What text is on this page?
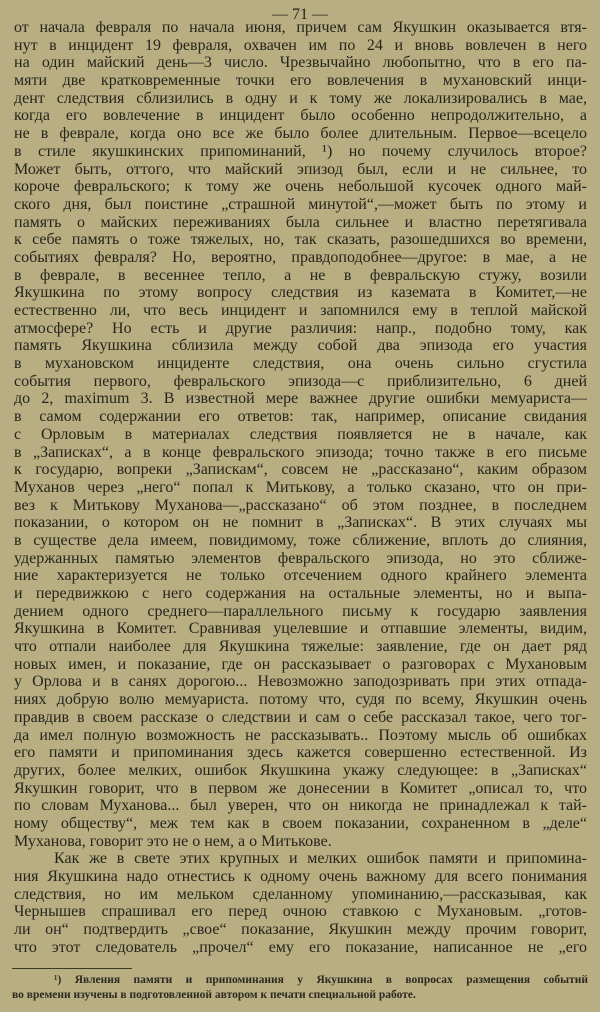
— 71 —
от начала февраля по начала июня, причем сам Якушкин оказывается втя-
нут в инцидент 19 февраля, охвачен им по 24 и вновь вовлечен в него
на один майский день—3 число. Чрезвычайно любопытно, что в его па-
мяти две кратковременные точки его вовлечения в мухановский инци-
дент следствия сблизились в одну и к тому же локализировались в мае,
когда его вовлечение в инцидент было особенно непродолжительно, а
не в феврале, когда оно все же было более длительным. Первое—всецело
в стиле якушкинских припоминаний, ¹) но почему случилось второе?
Может быть, оттого, что майский эпизод был, если и не сильнее, то
короче февральского; к тому же очень небольшой кусочек одного май-
ского дня, был поистине „страшной минутой“,—может быть по этому и
память о майских переживаниях была сильнее и властно перетягивала
к себе память о тоже тяжелых, но, так сказать, разошедшихся во времени,
событиях февраля? Но, вероятно, правдоподобнее—другое: в мае, а не
в феврале, в весеннее тепло, а не в февральскую стужу, возили
Якушкина по этому вопросу следствия из каземата в Комитет,—не
естественно ли, что весь инцидент и запомнился ему в теплой майской
атмосфере? Но есть и другие различия: напр., подобно тому, как
память Якушкина сблизила между собой два эпизода его участия
в мухановском инциденте следствия, она очень сильно сгустила
события первого, февральского эпизода—с приблизительно, 6 дней
до 2, maximum 3. В известной мере важнее другие ошибки мемуариста—
в самом содержании его ответов: так, например, описание свидания
с Орловым в материалах следствия появляется не в начале, как
в „Записках“, а в конце февральского эпизода; точно также в его письме
к государю, вопреки „Запискам“, совсем не „рассказано“, каким образом
Муханов через „него“ попал к Митькову, а только сказано, что он при-
вез к Митькову Муханова—„рассказано“ об этом позднее, в последнем
показании, о котором он не помнит в „Записках“. В этих случаях мы
в существе дела имеем, повидимому, тоже сближение, вплоть до слияния,
удержанных памятью элементов февральского эпизода, но это сближе-
ние характеризуется не только отсечением одного крайнего элемента
и передвижкою с него содержания на остальные элементы, но и выпа-
дением одного среднего—параллельного письму к государю заявления
Якушкина в Комитет. Сравнивая уцелевшие и отпавшие элементы, видим,
что отпали наиболее для Якушкина тяжелые: заявление, где он дает ряд
новых имен, и показание, где он рассказывает о разговорах с Мухановым
у Орлова и в санях дорогою... Невозможно заподозривать при этих отпада-
ниях добрую волю мемуариста. потому что, судя по всему, Якушкин очень
правдив в своем рассказе о следствии и сам о себе рассказал такое, чего тог-
да имел полную возможность не рассказывать.. Поэтому мысль об ошибках
его памяти и припоминания здесь кажется совершенно естественной. Из
других, более мелких, ошибок Якушкина укажу следующее: в „Записках“
Якушкин говорит, что в первом же донесении в Комитет „описал то, что
по словам Муханова... был уверен, что он никогда не принадлежал к тай-
ному обществу“, меж тем как в своем показании, сохраненном в „деле“
Муханова, говорит это не о нем, а о Митькове.
Как же в свете этих крупных и мелких ошибок памяти и припомина-
ния Якушкина надо отнестись к одному очень важному для всего понимания
следствия, но им мельком сделанному упоминанию,—рассказывая, как
Чернышев спрашивал его перед очною ставкою с Мухановым. „готов-
ли он“ подтвердить „свое“ показание, Якушкин между прочим говорит,
что этот следователь „прочел“ ему его показание, написанное не „его
¹) Явления памяти и припоминания у Якушкина в вопросах размещения событий
во времени изучены в подготовленной автором к печати специальной работе.
